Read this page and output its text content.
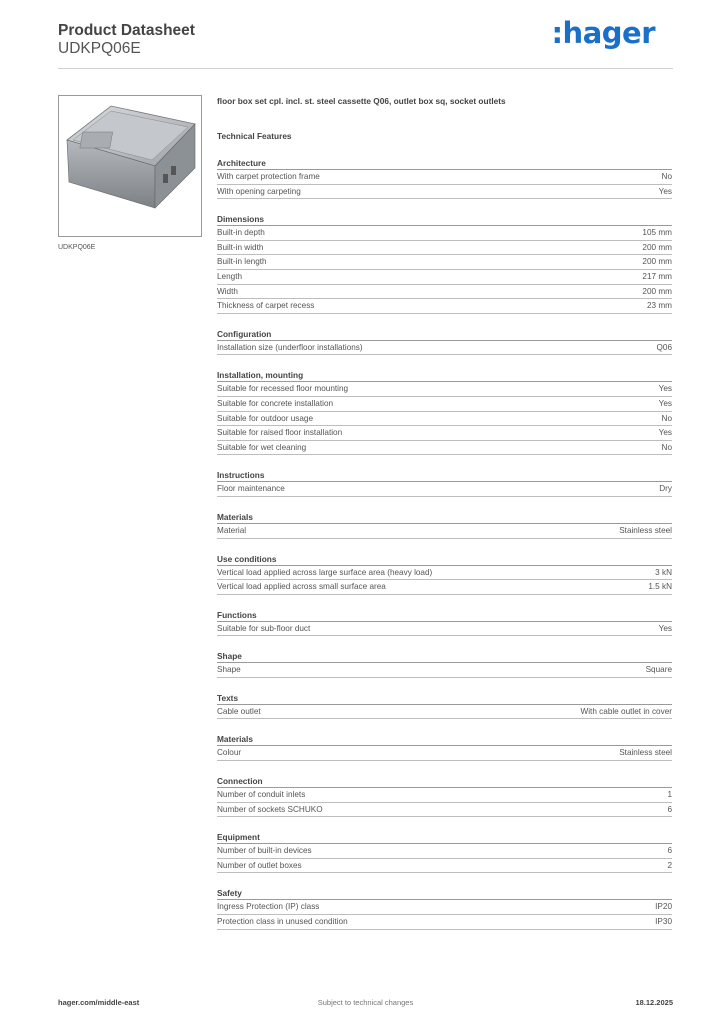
Product Datasheet
UDKPQ06E	:hager
UDKPQ06E
floor box set cpl. incl. st. steel cassette Q06, outlet box sq, socket outlets
Technical Features
Architecture
With carpet protection frame	No
With opening carpeting	Yes
Dimensions
Built-in depth	105 mm
Built-in width	200 mm
Built-in length	200 mm
Length	217 mm
Width	200 mm
Thickness of carpet recess	23 mm
Configuration
Installation size (underfloor installations)	Q06
Installation, mounting
Suitable for recessed floor mounting	Yes
Suitable for concrete installation	Yes
Suitable for outdoor usage	No
Suitable for raised floor installation	Yes
Suitable for wet cleaning	No
Instructions
Floor maintenance	Dry
Materials
Material	Stainless steel
Use conditions
Vertical load applied across large surface area (heavy load)	3 kN
Vertical load applied across small surface area	1.5 kN
Functions
Suitable for sub-floor duct	Yes
Shape
Shape	Square
Texts
Cable outlet	With cable outlet in cover
Materials
Colour	Stainless steel
Connection
Number of conduit inlets	1
Number of sockets SCHUKO	6
Equipment
Number of built-in devices	6
Number of outlet boxes	2
Safety
Ingress Protection (IP) class	IP20
Protection class in unused condition	IP30
hager.com/middle-east	Subject to technical changes	18.12.2025
